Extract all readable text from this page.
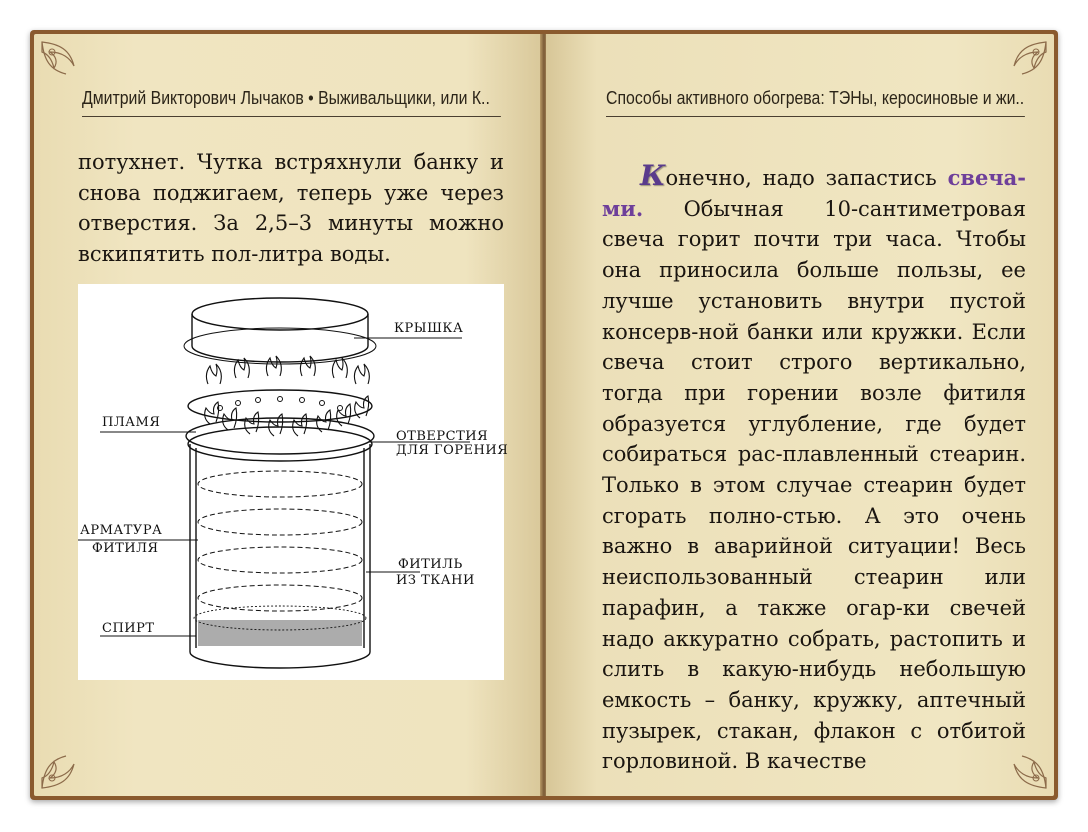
Дмитрий Викторович Лычаков • Выживальщики, или К..
потухнет. Чутка встряхнули банку и снова поджигаем, теперь уже через отверстия. За 2,5–3 минуты можно вскипятить пол-литра воды.
КРЫШКА
ПЛАМЯ
ОТВЕРСТИЯ
ДЛЯ ГОРЕНИЯ
АРМАТУРА
ФИТИЛЯ
ФИТИЛЬ
ИЗ ТКАНИ
СПИРТ
Способы активного обогрева: ТЭНы, керосиновые и жи..
Конечно, надо запастись свеча-ми. Обычная 10-сантиметровая свеча горит почти три часа. Чтобы она приносила больше пользы, ее лучше установить внутри пустой консерв-ной банки или кружки. Если свеча стоит строго вертикально, тогда при горении возле фитиля образуется углубление, где будет собираться рас-плавленный стеарин. Только в этом случае стеарин будет сгорать полно-стью. А это очень важно в аварийной ситуации! Весь неиспользованный стеарин или парафин, а также огар-ки свечей надо аккуратно собрать, растопить и слить в какую-нибудь небольшую емкость – банку, кружку, аптечный пузырек, стакан, флакон с отбитой горловиной. В качестве
